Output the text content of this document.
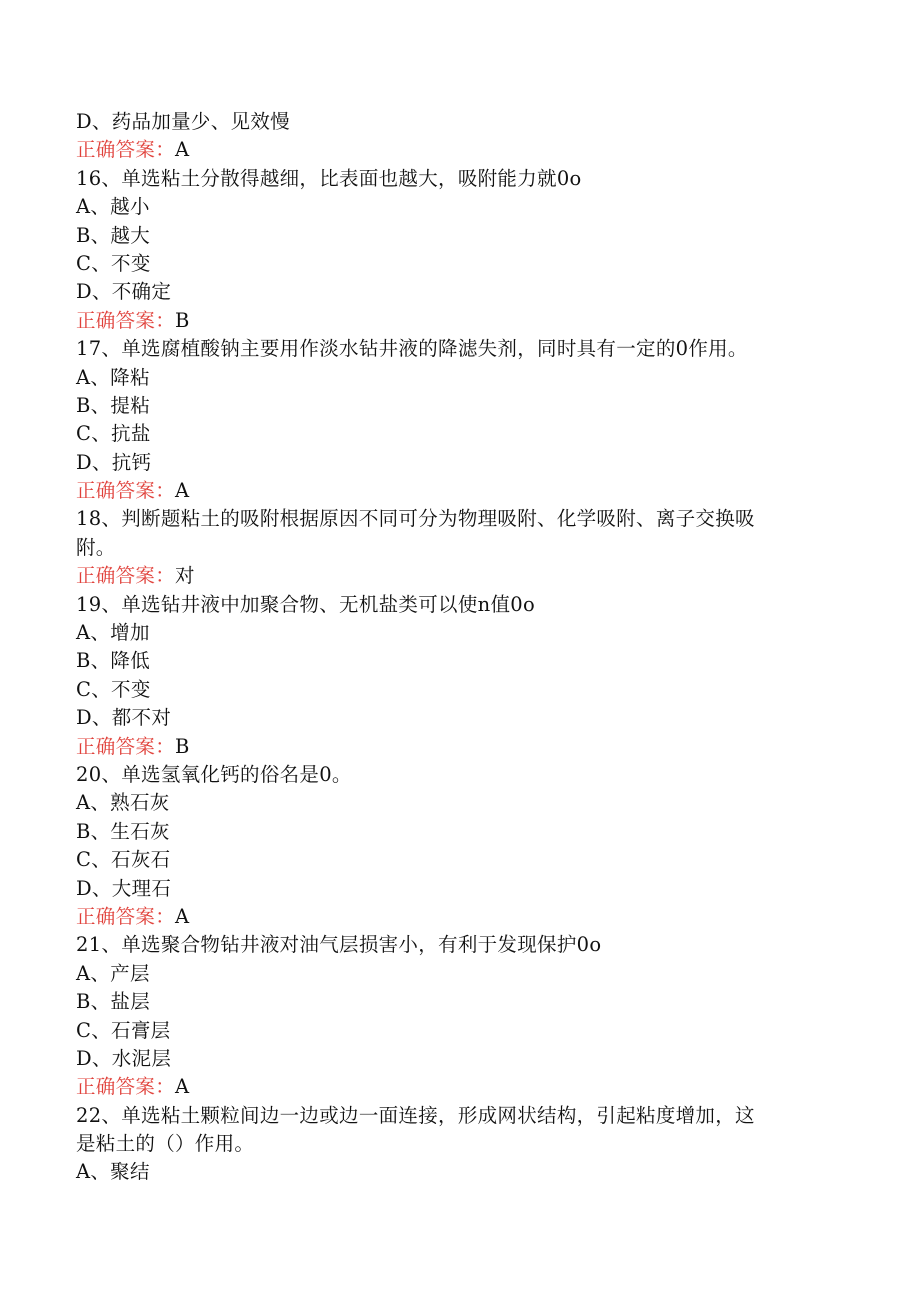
D、药品加量少、见效慢
正确答案：A
16、单选粘土分散得越细，比表面也越大，吸附能力就0o
A、越小
B、越大
C、不变
D、不确定
正确答案：B
17、单选腐植酸钠主要用作淡水钻井液的降滤失剂，同时具有一定的0作用。
A、降粘
B、提粘
C、抗盐
D、抗钙
正确答案：A
18、判断题粘土的吸附根据原因不同可分为物理吸附、化学吸附、离子交换吸
附。
正确答案：对
19、单选钻井液中加聚合物、无机盐类可以使n值0o
A、增加
B、降低
C、不变
D、都不对
正确答案：B
20、单选氢氧化钙的俗名是0。
A、熟石灰
B、生石灰
C、石灰石
D、大理石
正确答案：A
21、单选聚合物钻井液对油气层损害小，有利于发现保护0o
A、产层
B、盐层
C、石膏层
D、水泥层
正确答案：A
22、单选粘土颗粒间边一边或边一面连接，形成网状结构，引起粘度增加，这
是粘土的（）作用。
A、聚结
